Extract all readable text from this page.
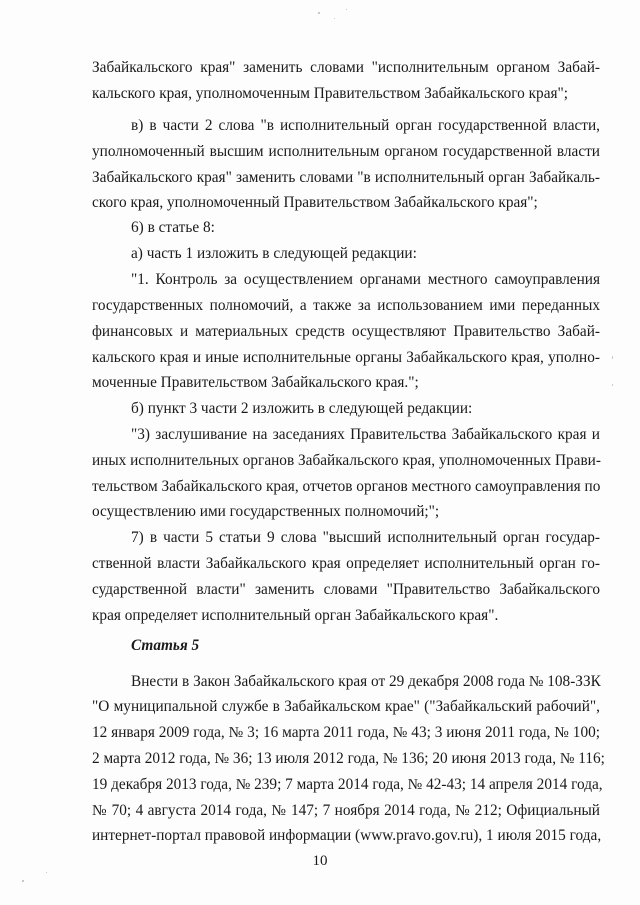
Забайкальского края" заменить словами "исполнительным органом Забай-
кальского края, уполномоченным Правительством Забайкальского края";
в) в части 2 слова "в исполнительный орган государственной власти,
уполномоченный высшим исполнительным органом государственной власти
Забайкальского края" заменить словами "в исполнительный орган Забайкаль-
ского края, уполномоченный Правительством Забайкальского края";
6) в статье 8:
а) часть 1 изложить в следующей редакции:
"1. Контроль за осуществлением органами местного самоуправления
государственных полномочий, а также за использованием ими переданных
финансовых и материальных средств осуществляют Правительство Забай-
кальского края и иные исполнительные органы Забайкальского края, уполно-
моченные Правительством Забайкальского края.";
б) пункт 3 части 2 изложить в следующей редакции:
"3) заслушивание на заседаниях Правительства Забайкальского края и
иных исполнительных органов Забайкальского края, уполномоченных Прави-
тельством Забайкальского края, отчетов органов местного самоуправления по
осуществлению ими государственных полномочий;";
7) в части 5 статьи 9 слова "высший исполнительный орган государ-
ственной власти Забайкальского края определяет исполнительный орган го-
сударственной власти" заменить словами "Правительство Забайкальского
края определяет исполнительный орган Забайкальского края".
Статья 5
Внести в Закон Забайкальского края от 29 декабря 2008 года № 108-ЗЗК
"О муниципальной службе в Забайкальском крае" ("Забайкальский рабочий",
12 января 2009 года, № 3; 16 марта 2011 года, № 43; 3 июня 2011 года, № 100;
2 марта 2012 года, № 36; 13 июля 2012 года, № 136; 20 июня 2013 года, № 116;
19 декабря 2013 года, № 239; 7 марта 2014 года, № 42-43; 14 апреля 2014 года,
№ 70; 4 августа 2014 года, № 147; 7 ноября 2014 года, № 212; Официальный
интернет-портал правовой информации (www.pravo.gov.ru), 1 июля 2015 года,
10
